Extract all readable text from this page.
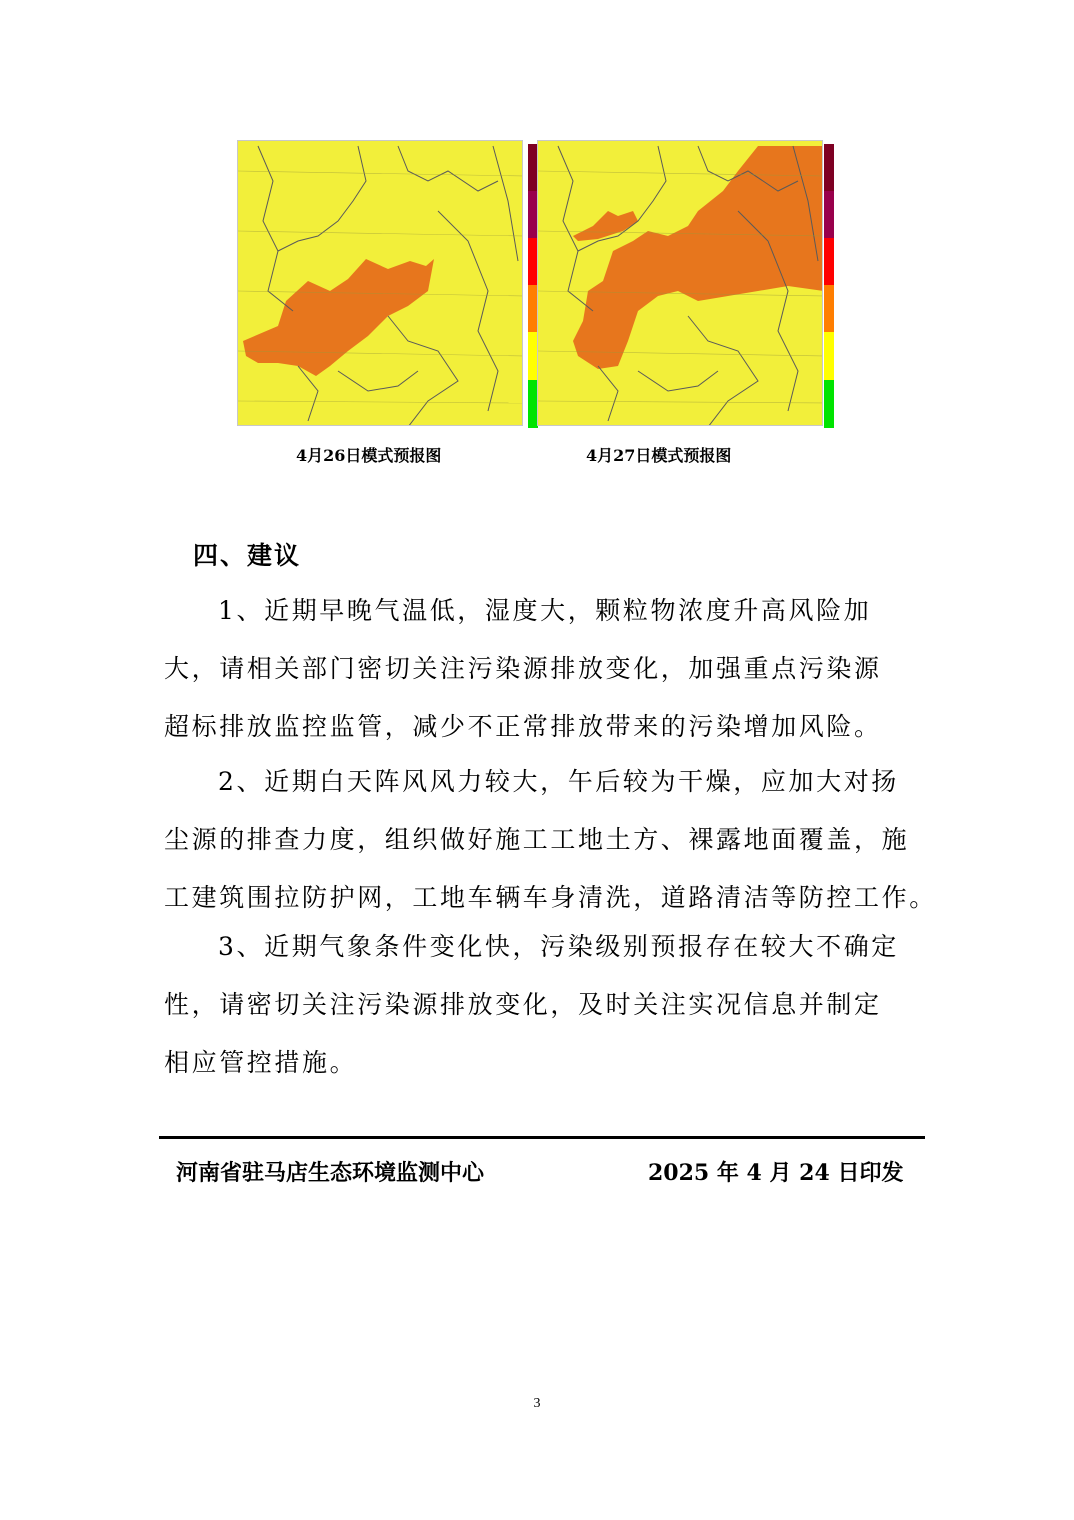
4月26日模式预报图	4月27日模式预报图
四、建议
1、近期早晚气温低，湿度大，颗粒物浓度升高风险加
大，请相关部门密切关注污染源排放变化，加强重点污染源
超标排放监控监管，减少不正常排放带来的污染增加风险。
2、近期白天阵风风力较大，午后较为干燥，应加大对扬
尘源的排查力度，组织做好施工工地土方、裸露地面覆盖，施
工建筑围拉防护网，工地车辆车身清洗，道路清洁等防控工作。
3、近期气象条件变化快，污染级别预报存在较大不确定
性，请密切关注污染源排放变化，及时关注实况信息并制定
相应管控措施。
河南省驻马店生态环境监测中心	2025 年 4 月 24 日印发
3
